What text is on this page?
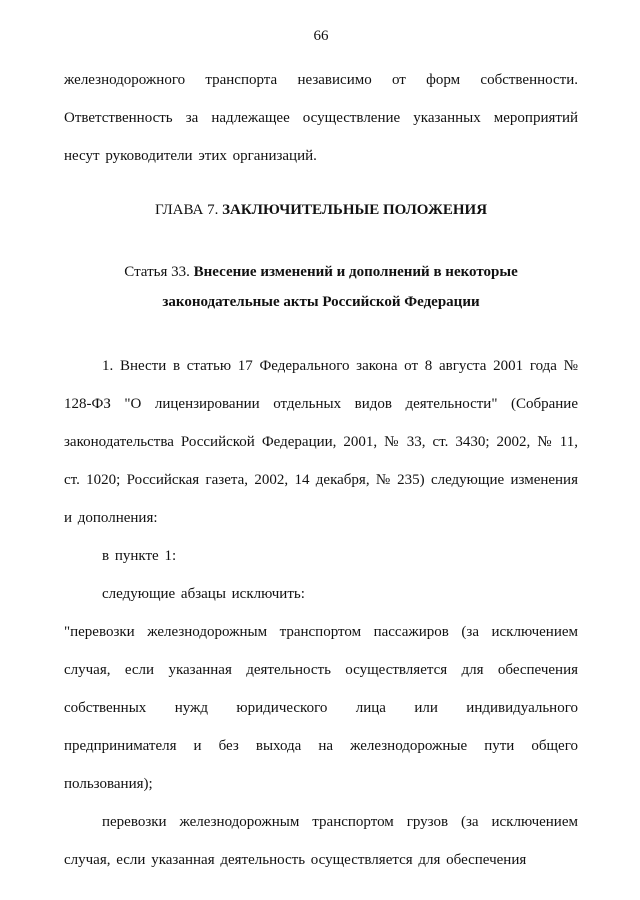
66

железнодорожного транспорта независимо от форм собственности. Ответственность за надлежащее осуществление указанных мероприятий несут руководители этих организаций.

ГЛАВА 7. ЗАКЛЮЧИТЕЛЬНЫЕ ПОЛОЖЕНИЯ
Статья 33. Внесение изменений и дополнений в некоторые законодательные акты Российской Федерации

1. Внести в статью 17 Федерального закона от 8 августа 2001 года № 128-ФЗ "О лицензировании отдельных видов деятельности" (Собрание законодательства Российской Федерации, 2001, № 33, ст. 3430; 2002, № 11, ст. 1020; Российская газета, 2002, 14 декабря, № 235) следующие изменения и дополнения:

в пункте 1:

следующие абзацы исключить:

"перевозки железнодорожным транспортом пассажиров (за исключением случая, если указанная деятельность осуществляется для обеспечения собственных нужд юридического лица или индивидуального предпринимателя и без выхода на железнодорожные пути общего пользования);

перевозки железнодорожным транспортом грузов (за исключением случая, если указанная деятельность осуществляется для обеспечения
